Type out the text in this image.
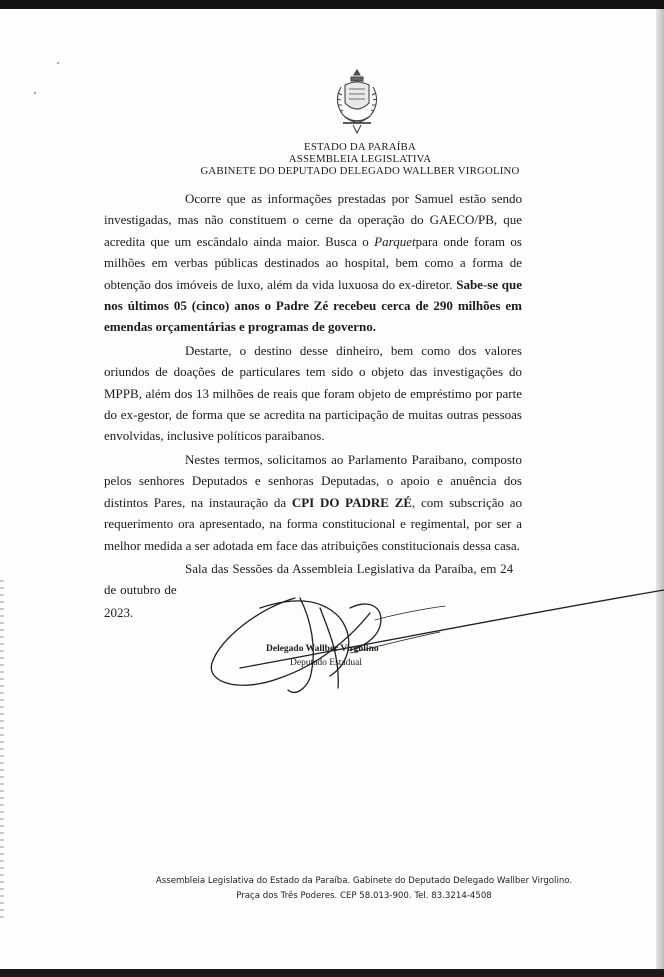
ESTADO DA PARAÍBA
ASSEMBLEIA LEGISLATIVA
GABINETE DO DEPUTADO DELEGADO WALLBER VIRGOLINO

Ocorre que as informações prestadas por Samuel estão sendo investigadas, mas não constituem o cerne da operação do GAECO/PB, que acredita que um escândalo ainda maior. Busca o Parquetpara onde foram os milhões em verbas públicas destinados ao hospital, bem como a forma de obtenção dos imóveis de luxo, além da vida luxuosa do ex-diretor. Sabe-se que nos últimos 05 (cinco) anos o Padre Zé recebeu cerca de 290 milhões em emendas orçamentárias e programas de governo.

Destarte, o destino desse dinheiro, bem como dos valores oriundos de doações de particulares tem sido o objeto das investigações do MPPB, além dos 13 milhões de reais que foram objeto de empréstimo por parte do ex-gestor, de forma que se acredita na participação de muitas outras pessoas envolvidas, inclusive políticos paraibanos.

Nestes termos, solicitamos ao Parlamento Paraibano, composto pelos senhores Deputados e senhoras Deputadas, o apoio e anuência dos distintos Pares, na instauração da CPI DO PADRE ZÉ, com subscrição ao requerimento ora apresentado, na forma constitucional e regimental, por ser a melhor medida a ser adotada em face das atribuições constitucionais dessa casa.

Sala das Sessões da Assembleia Legislativa da Paraíba, em 24 de outubro de

2023.

Delegado Wallber Virgolino
Deputado Estadual
Assembleia Legislativa do Estado da Paraíba. Gabinete do Deputado Delegado Wallber Virgolino.
Praça dos Três Poderes. CEP 58.013-900. Tel. 83.3214-4508
